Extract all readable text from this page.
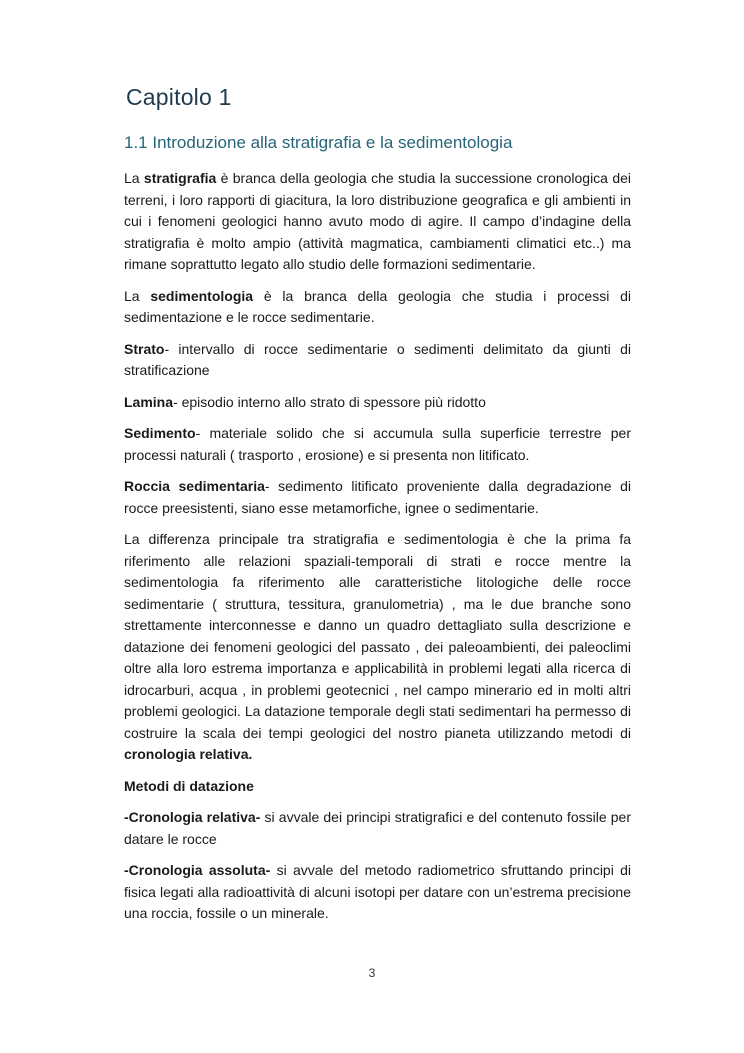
Capitolo 1
1.1 Introduzione alla stratigrafia e la sedimentologia

La stratigrafia è branca della geologia che studia la successione cronologica dei terreni, i loro rapporti di giacitura, la loro distribuzione geografica e gli ambienti in cui i fenomeni geologici hanno avuto modo di agire. Il campo d’indagine della stratigrafia è molto ampio (attività magmatica, cambiamenti climatici etc..) ma rimane soprattutto legato allo studio delle formazioni sedimentarie.

La sedimentologia è la branca della geologia che studia i processi di sedimentazione e le rocce sedimentarie.

Strato- intervallo di rocce sedimentarie o sedimenti delimitato da giunti di stratificazione

Lamina- episodio interno allo strato di spessore più ridotto

Sedimento- materiale solido che si accumula sulla superficie terrestre per processi naturali ( trasporto , erosione) e si presenta non litificato.

Roccia sedimentaria- sedimento litificato proveniente dalla degradazione di rocce preesistenti, siano esse metamorfiche, ignee o sedimentarie.

La differenza principale tra stratigrafia e sedimentologia è che la prima fa riferimento alle relazioni spaziali-temporali di strati e rocce mentre la sedimentologia fa riferimento alle caratteristiche litologiche delle rocce sedimentarie ( struttura, tessitura, granulometria) , ma le due branche sono strettamente interconnesse e danno un quadro dettagliato sulla descrizione e datazione dei fenomeni geologici del passato , dei paleoambienti, dei paleoclimi oltre alla loro estrema importanza e applicabilità in problemi legati alla ricerca di idrocarburi, acqua , in problemi geotecnici , nel campo minerario ed in molti altri problemi geologici. La datazione temporale degli stati sedimentari ha permesso di costruire la scala dei tempi geologici del nostro pianeta utilizzando metodi di cronologia relativa.

Metodi di datazione

-Cronologia relativa- si avvale dei principi stratigrafici e del contenuto fossile per datare le rocce

-Cronologia assoluta- si avvale del metodo radiometrico sfruttando principi di fisica legati alla radioattività di alcuni isotopi per datare con un’estrema precisione una roccia, fossile o un minerale.

3
